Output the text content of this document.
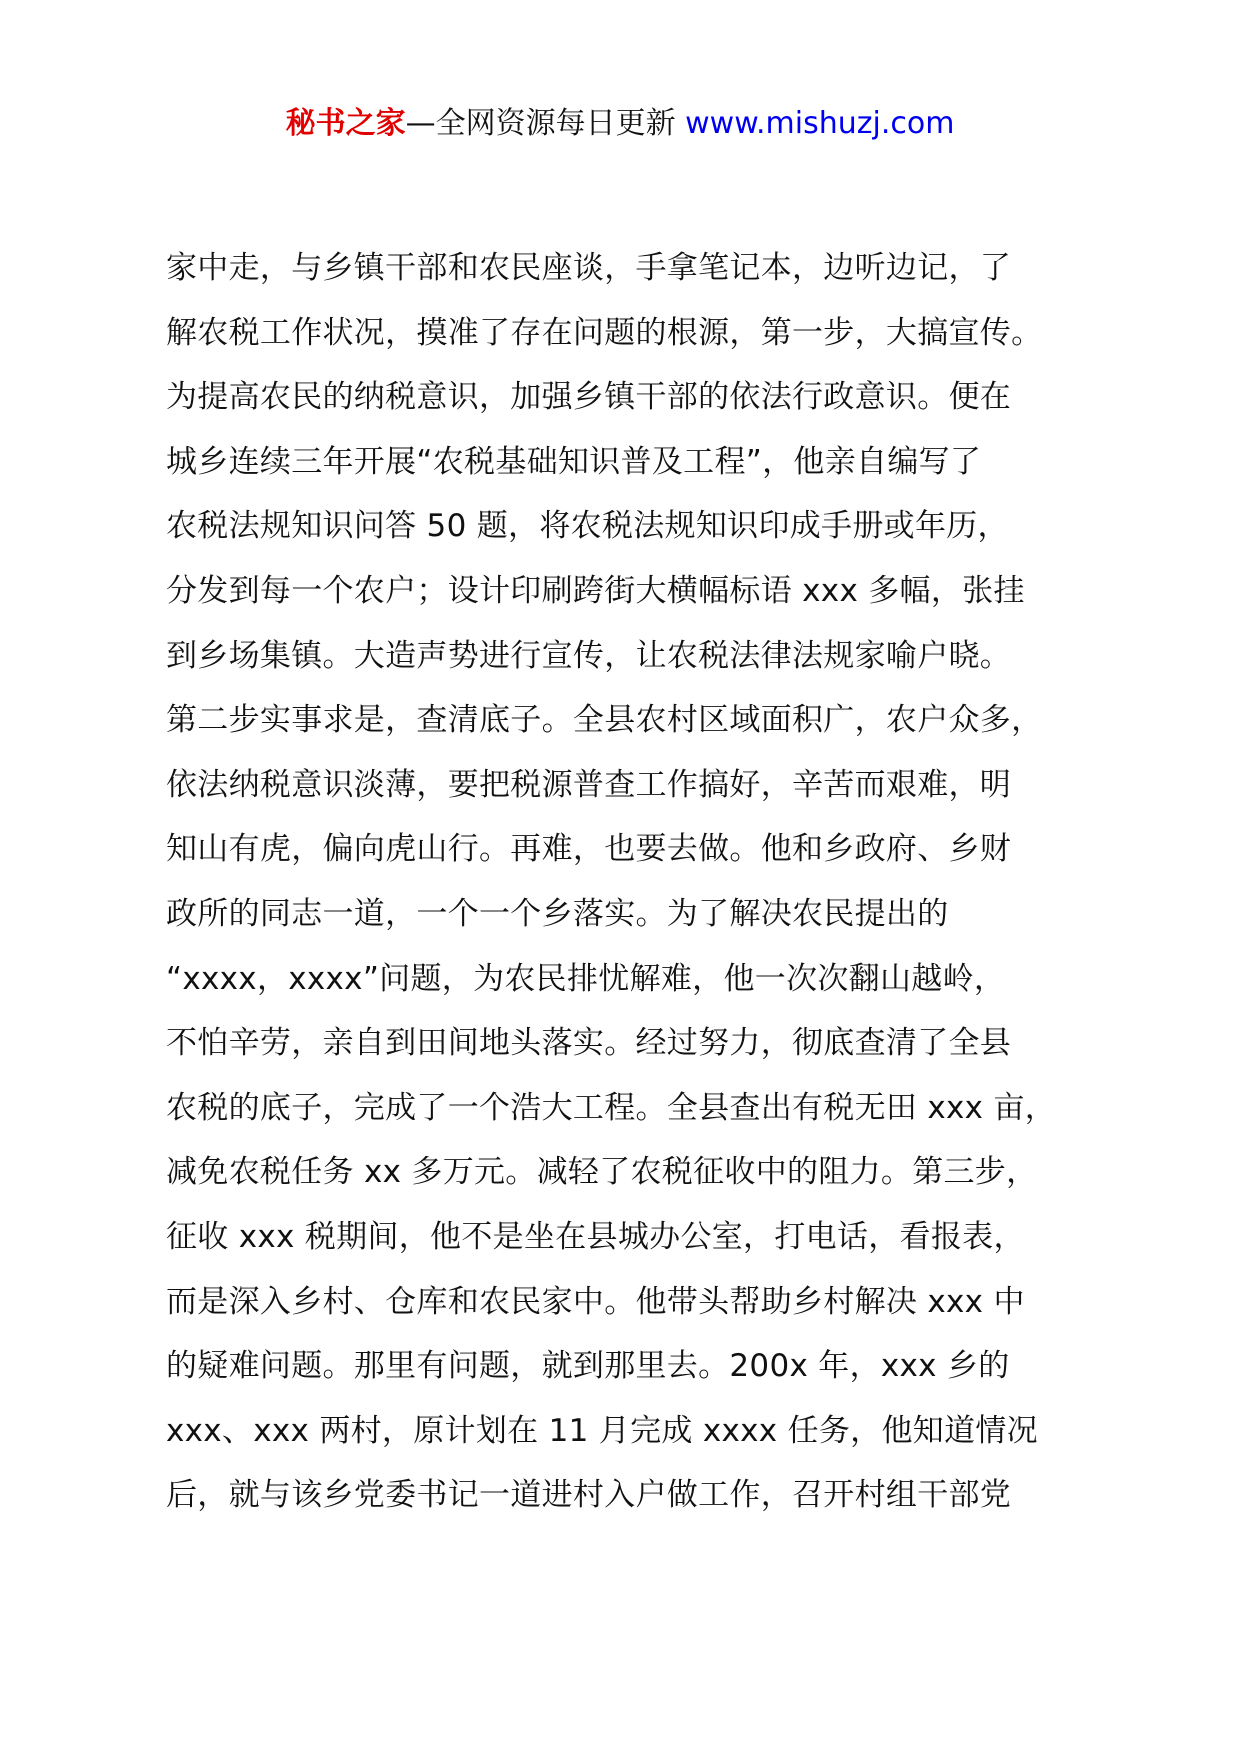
秘书之家—全网资源每日更新 www.mishuzj.com
家中走，与乡镇干部和农民座谈，手拿笔记本，边听边记，了
解农税工作状况，摸准了存在问题的根源，第一步，大搞宣传。
为提高农民的纳税意识，加强乡镇干部的依法行政意识。便在
城乡连续三年开展“农税基础知识普及工程”，他亲自编写了
农税法规知识问答 50 题，将农税法规知识印成手册或年历，
分发到每一个农户；设计印刷跨街大横幅标语 xxx 多幅，张挂
到乡场集镇。大造声势进行宣传，让农税法律法规家喻户晓。
第二步实事求是，查清底子。全县农村区域面积广，农户众多，
依法纳税意识淡薄，要把税源普查工作搞好，辛苦而艰难，明
知山有虎，偏向虎山行。再难，也要去做。他和乡政府、乡财
政所的同志一道，一个一个乡落实。为了解决农民提出的
“xxxx，xxxx”问题，为农民排忧解难，他一次次翻山越岭，
不怕辛劳，亲自到田间地头落实。经过努力，彻底查清了全县
农税的底子，完成了一个浩大工程。全县查出有税无田 xxx 亩，
减免农税任务 xx 多万元。减轻了农税征收中的阻力。第三步，
征收 xxx 税期间，他不是坐在县城办公室，打电话，看报表，
而是深入乡村、仓库和农民家中。他带头帮助乡村解决 xxx 中
的疑难问题。那里有问题，就到那里去。200x 年，xxx 乡的
xxx、xxx 两村，原计划在 11 月完成 xxxx 任务，他知道情况
后，就与该乡党委书记一道进村入户做工作，召开村组干部党
